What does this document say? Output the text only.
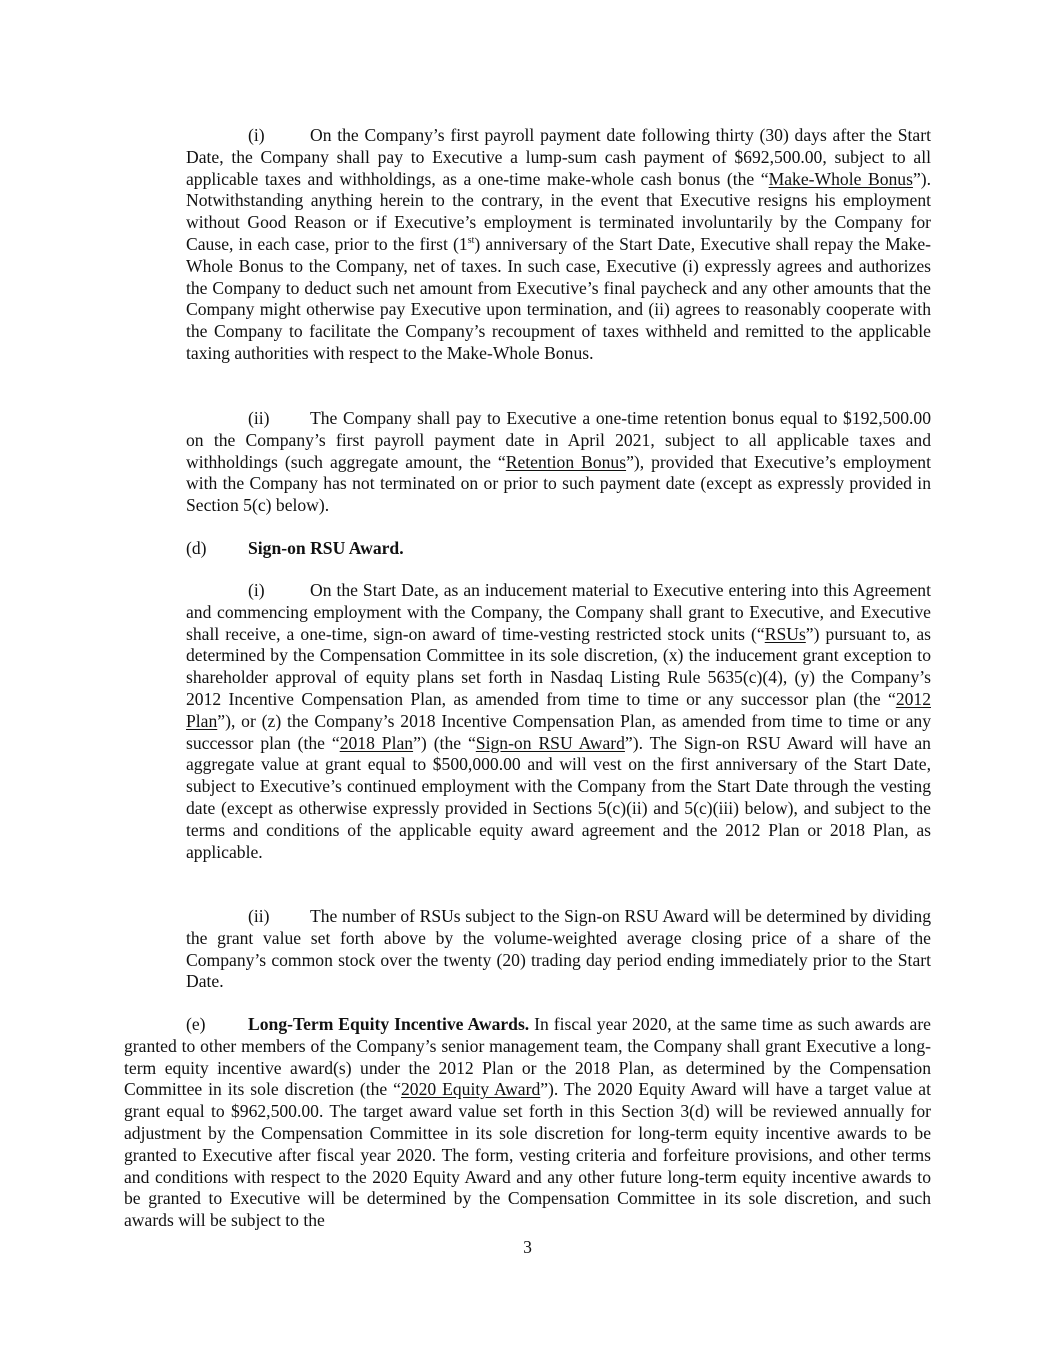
(i)	On the Company’s first payroll payment date following thirty (30) days after the Start Date, the Company shall pay to Executive a lump-sum cash payment of $692,500.00, subject to all applicable taxes and withholdings, as a one-time make-whole cash bonus (the “Make-Whole Bonus”). Notwithstanding anything herein to the contrary, in the event that Executive resigns his employment without Good Reason or if Executive’s employment is terminated involuntarily by the Company for Cause, in each case, prior to the first (1st) anniversary of the Start Date, Executive shall repay the Make-Whole Bonus to the Company, net of taxes. In such case, Executive (i) expressly agrees and authorizes the Company to deduct such net amount from Executive’s final paycheck and any other amounts that the Company might otherwise pay Executive upon termination, and (ii) agrees to reasonably cooperate with the Company to facilitate the Company’s recoupment of taxes withheld and remitted to the applicable taxing authorities with respect to the Make-Whole Bonus.

(ii) The Company shall pay to Executive a one-time retention bonus equal to $192,500.00 on the Company’s first payroll payment date in April 2021, subject to all applicable taxes and withholdings (such aggregate amount, the “Retention Bonus”), provided that Executive’s employment with the Company has not terminated on or prior to such payment date (except as expressly provided in Section 5(c) below).

(d) Sign-on RSU Award.

(i)	On the Start Date, as an inducement material to Executive entering into this Agreement and commencing employment with the Company, the Company shall grant to Executive, and Executive shall receive, a one-time, sign-on award of time-vesting restricted stock units (“RSUs”) pursuant to, as determined by the Compensation Committee in its sole discretion, (x) the inducement grant exception to shareholder approval of equity plans set forth in Nasdaq Listing Rule 5635(c)(4), (y) the Company’s 2012 Incentive Compensation Plan, as amended from time to time or any successor plan (the “2012 Plan”), or (z) the Company’s 2018 Incentive Compensation Plan, as amended from time to time or any successor plan (the “2018 Plan”) (the “Sign-on RSU Award”). The Sign-on RSU Award will have an aggregate value at grant equal to $500,000.00 and will vest on the first anniversary of the Start Date, subject to Executive’s continued employment with the Company from the Start Date through the vesting date (except as otherwise expressly provided in Sections 5(c)(ii) and 5(c)(iii) below), and subject to the terms and conditions of the applicable equity award agreement and the 2012 Plan or 2018 Plan, as applicable.

(ii) The number of RSUs subject to the Sign-on RSU Award will be determined by dividing the grant value set forth above by the volume-weighted average closing price of a share of the Company’s common stock over the twenty (20) trading day period ending immediately prior to the Start Date.

(e) Long-Term Equity Incentive Awards. In fiscal year 2020, at the same time as such awards are granted to other members of the Company’s senior management team, the Company shall grant Executive a long-term equity incentive award(s) under the 2012 Plan or the 2018 Plan, as determined by the Compensation Committee in its sole discretion (the “2020 Equity Award”). The 2020 Equity Award will have a target value at grant equal to $962,500.00. The target award value set forth in this Section 3(d) will be reviewed annually for adjustment by the Compensation Committee in its sole discretion for long-term equity incentive awards to be granted to Executive after fiscal year 2020. The form, vesting criteria and forfeiture provisions, and other terms and conditions with respect to the 2020 Equity Award and any other future long-term equity incentive awards to be granted to Executive will be determined by the Compensation Committee in its sole discretion, and such awards will be subject to the

3
